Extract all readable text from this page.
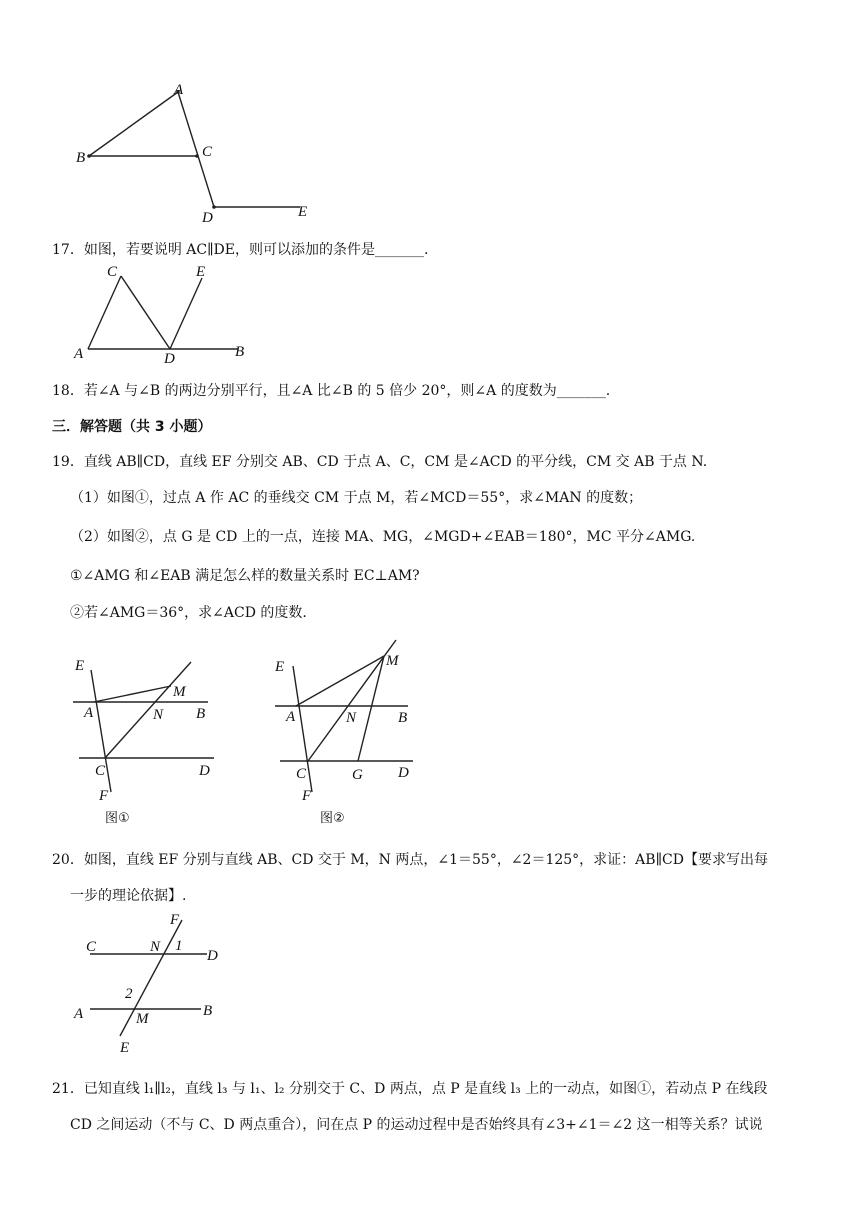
A
B	C
D	E
17．如图，若要说明 AC∥DE，则可以添加的条件是_______.
C	E
A	D	B
18．若∠A 与∠B 的两边分别平行，且∠A 比∠B 的 5 倍少 20°，则∠A 的度数为_______.
三．解答题（共 3 小题）
19．直线 AB∥CD，直线 EF 分别交 AB、CD 于点 A、C，CM 是∠ACD 的平分线，CM 交 AB 于点 N.
（1）如图①，过点 A 作 AC 的垂线交 CM 于点 M，若∠MCD＝55°，求∠MAN 的度数；
（2）如图②，点 G 是 CD 上的一点，连接 MA、MG，∠MGD+∠EAB＝180°，MC 平分∠AMG.
①∠AMG 和∠EAB 满足怎么样的数量关系时 EC⊥AM?
②若∠AMG＝36°，求∠ACD 的度数.
E
M
A	N B
C	D
F
图①
E	M
A	N	B
C	G D
F
图②
20．如图，直线 EF 分别与直线 AB、CD 交于 M，N 两点，∠1＝55°，∠2＝125°，求证：AB∥CD【要求写出每
一步的理论依据】.
F
C	N 1
D
2
A	M	B
E
21．已知直线 l₁∥l₂，直线 l₃ 与 l₁、l₂ 分别交于 C、D 两点，点 P 是直线 l₃ 上的一动点，如图①，若动点 P 在线段
CD 之间运动（不与 C、D 两点重合），问在点 P 的运动过程中是否始终具有∠3+∠1＝∠2 这一相等关系？试说
